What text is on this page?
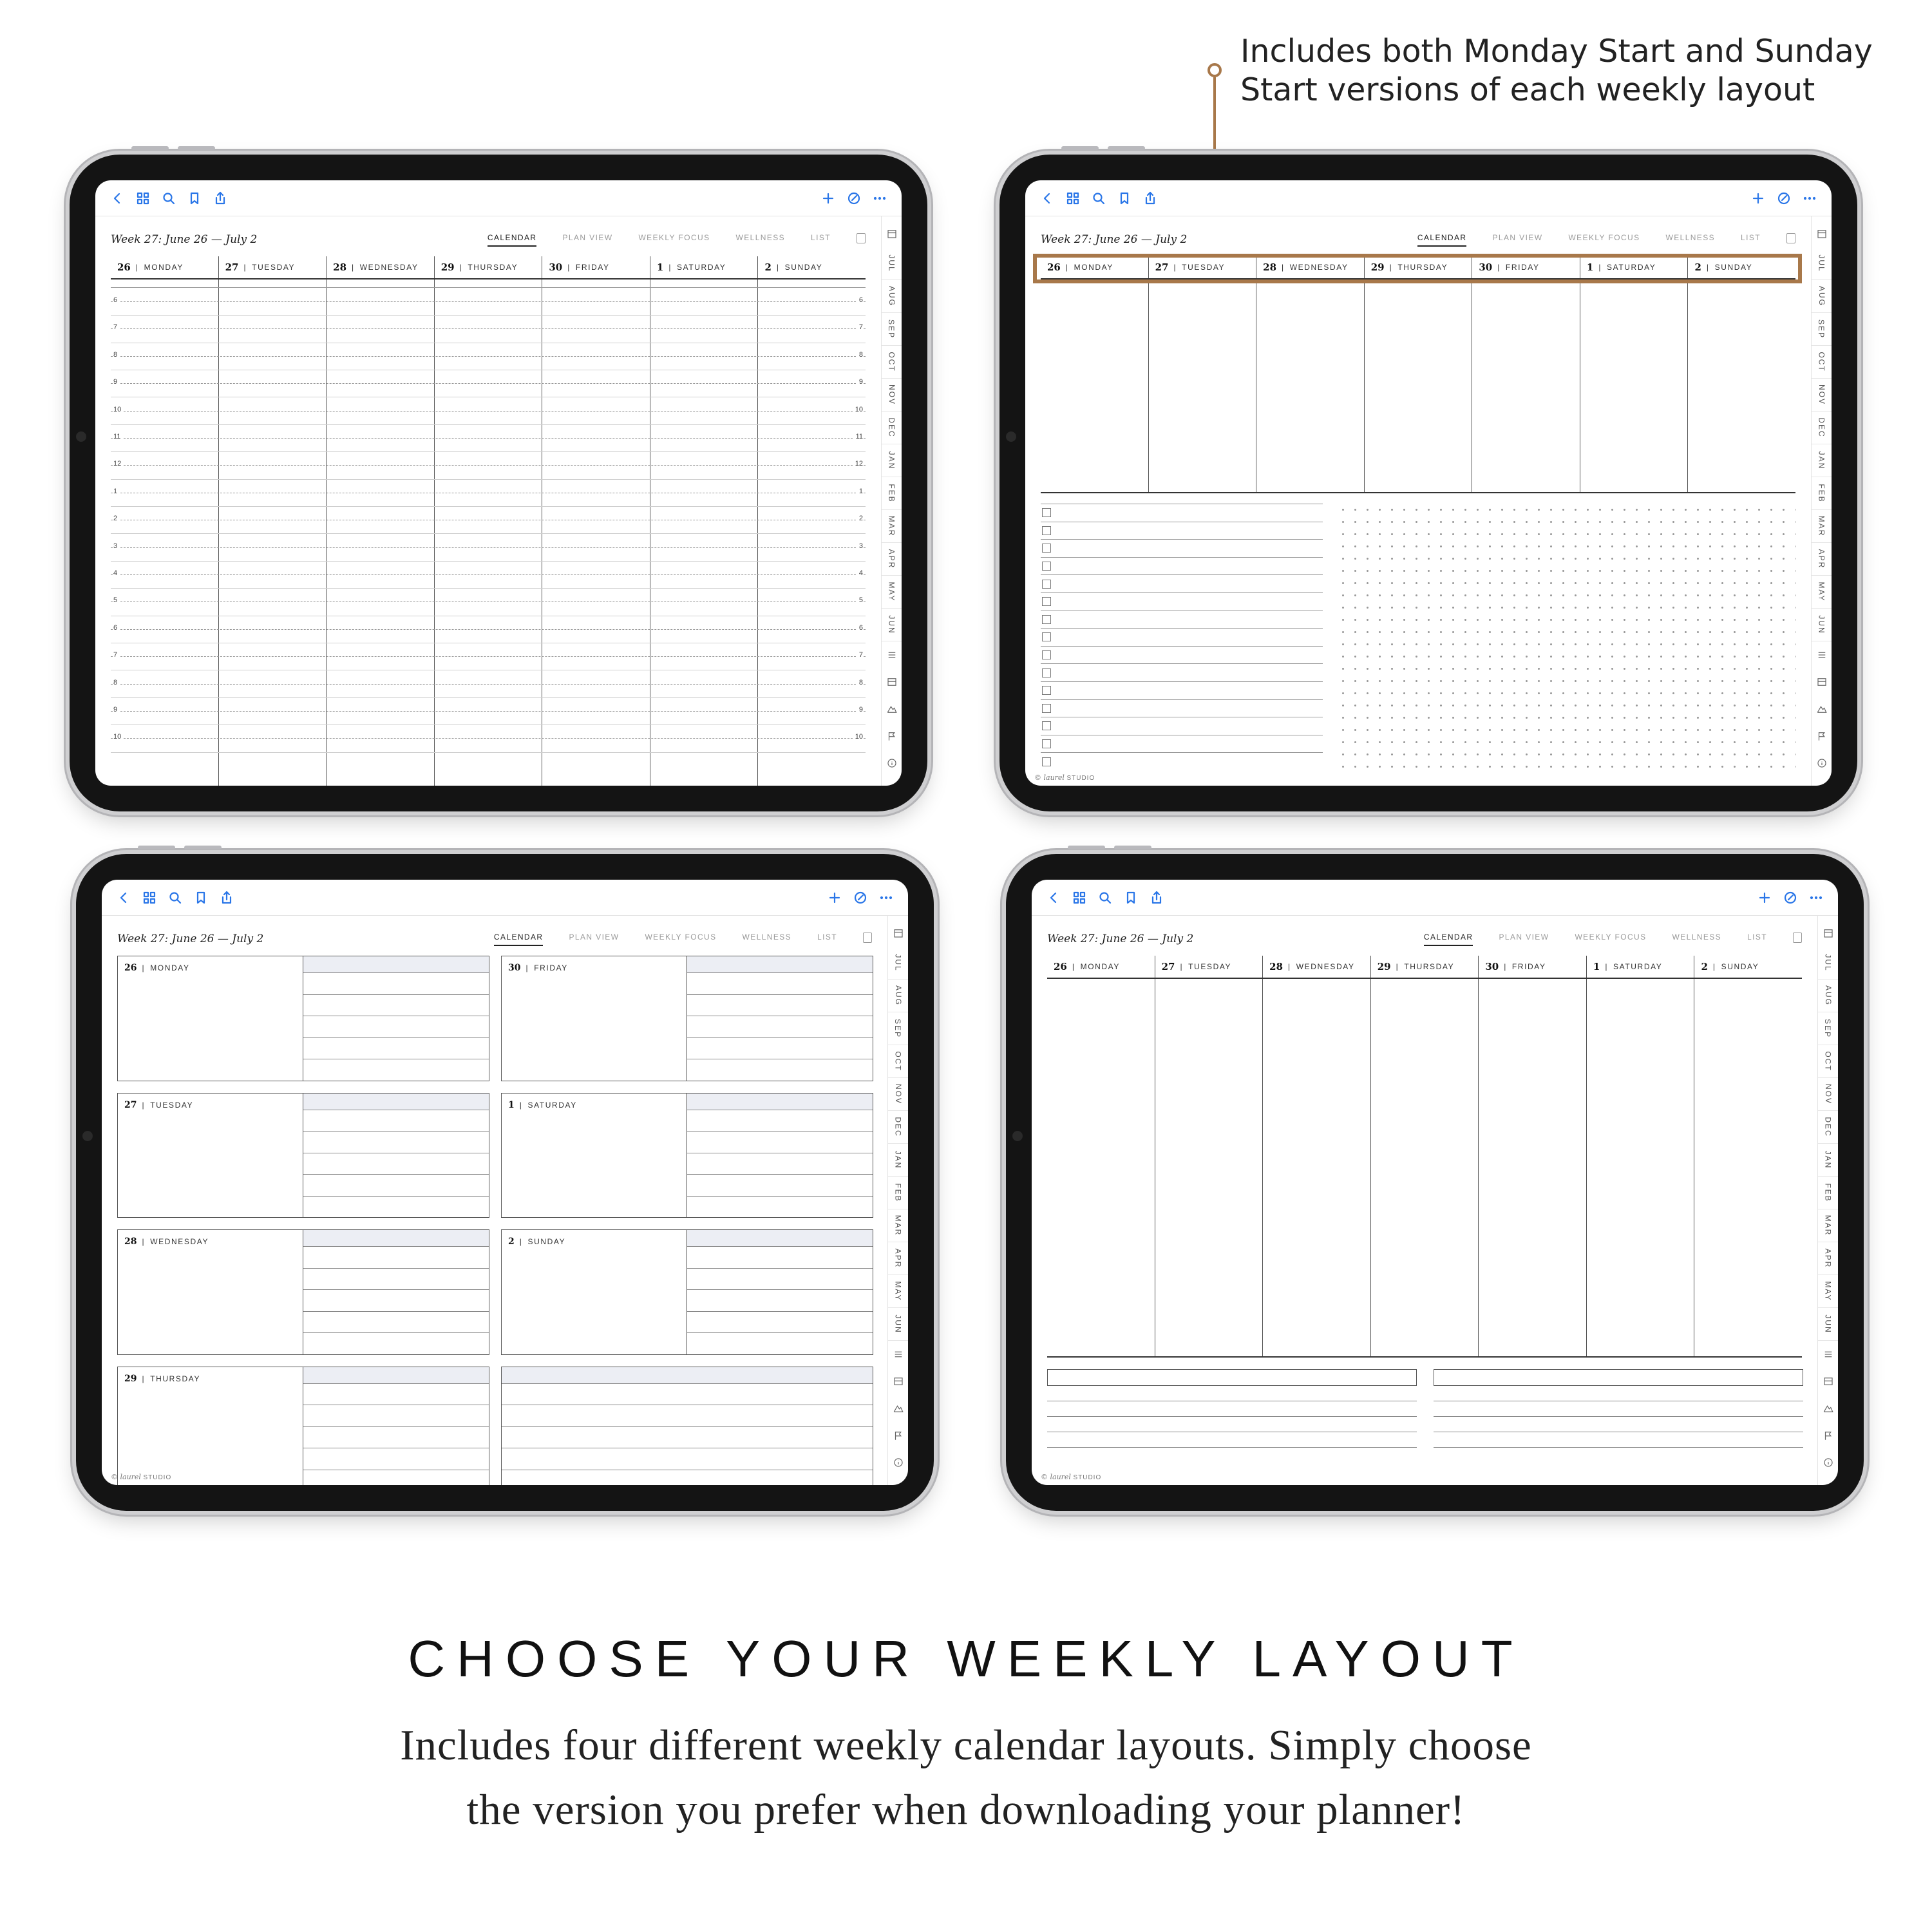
Includes both Monday Start and Sunday
Start versions of each weekly layout
Week 27: June 26 — July 2	CALENDAR	PLAN VIEW	WEEKLY FOCUS	WELLNESS	LIST
26 | MONDAY	27 | TUESDAY	28 | WEDNESDAY 29 | THURSDAY	30 | FRIDAY	1 | SATURDAY	2 | SUNDAY
6	6
7	7
8	8
9	9
10	10
11	11
12	12
1	1
2	2
3	3
4	4
5	5
6	6
7	7
8	8
9	9
10	10
JUL
AUG
SEP
OCT
NOV
DEC
JAN
FEB
MAR
APR
MAY
JUN
Week 27: June 26 — July 2	CALENDAR	PLAN VIEW	WEEKLY FOCUS	WELLNESS	LIST
26 | MONDAY	27 | TUESDAY	28 | WEDNESDAY 29 | THURSDAY	30 | FRIDAY	1 | SATURDAY	2 | SUNDAY
© laurel STUDIO
JUL
AUG
SEP
OCT
NOV
DEC
JAN
FEB
MAR
APR
MAY
JUN
Week 27: June 26 — July 2	CALENDAR	PLAN VIEW	WEEKLY FOCUS	WELLNESS	LIST
26 | MONDAY	30 | FRIDAY
27 | TUESDAY	1 | SATURDAY
28 | WEDNESDAY	2 | SUNDAY
29 | THURSDAY
© laurel STUDIO
JUL
AUG
SEP
OCT
NOV
DEC
JAN
FEB
MAR
APR
MAY
JUN
Week 27: June 26 — July 2	CALENDAR	PLAN VIEW	WEEKLY FOCUS	WELLNESS	LIST
26 | MONDAY	27 | TUESDAY	28 | WEDNESDAY 29 | THURSDAY	30 | FRIDAY	1 | SATURDAY	2 | SUNDAY
© laurel STUDIO
JUL
AUG
SEP
OCT
NOV
DEC
JAN
FEB
MAR
APR
MAY
JUN
CHOOSE YOUR WEEKLY LAYOUT
Includes four different weekly calendar layouts. Simply choose
the version you prefer when downloading your planner!
